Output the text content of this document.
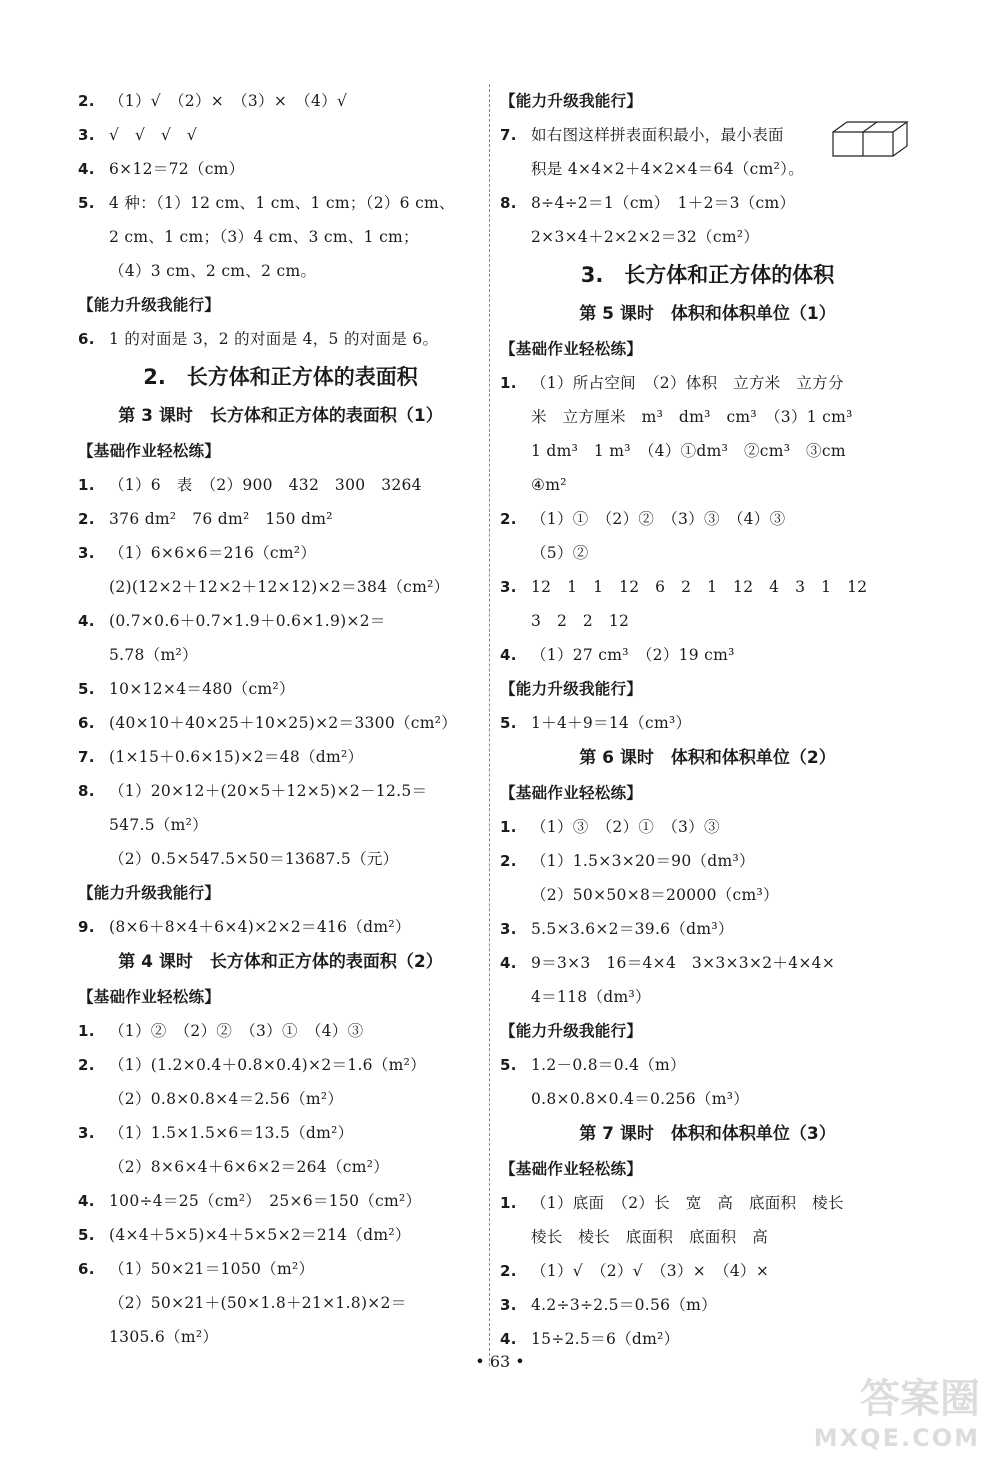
2. （1）√　（2）×　（3）×　（4）√
3. √　√　√　√
4. 6×12＝72（cm）
5. 4 种：（1）12 cm、1 cm、1 cm；（2）6 cm、
2 cm、1 cm；（3）4 cm、3 cm、1 cm；
（4）3 cm、2 cm、2 cm。
【能力升级我能行】
6. 1 的对面是 3，2 的对面是 4，5 的对面是 6。
2.　长方体和正方体的表面积
第 3 课时　长方体和正方体的表面积（1）
【基础作业轻松练】
1. （1）6　表　（2）900　432　300　3264
2. 376 dm²　76 dm²　150 dm²
3. （1）6×6×6＝216（cm²）
(2)(12×2＋12×2＋12×12)×2＝384（cm²）
4. (0.7×0.6＋0.7×1.9＋0.6×1.9)×2＝
5.78（m²）
5. 10×12×4＝480（cm²）
6. (40×10＋40×25＋10×25)×2＝3300（cm²）
7. (1×15＋0.6×15)×2＝48（dm²）
8. （1）20×12＋(20×5＋12×5)×2－12.5＝
547.5（m²）
（2）0.5×547.5×50＝13687.5（元）
【能力升级我能行】
9. (8×6＋8×4＋6×4)×2×2＝416（dm²）
第 4 课时　长方体和正方体的表面积（2）
【基础作业轻松练】
1. （1）②　（2）②　（3）①　（4）③
2. （1）(1.2×0.4＋0.8×0.4)×2＝1.6（m²）
（2）0.8×0.8×4＝2.56（m²）
3. （1）1.5×1.5×6＝13.5（dm²）
（2）8×6×4＋6×6×2＝264（cm²）
4. 100÷4＝25（cm²）　25×6＝150（cm²）
5. (4×4＋5×5)×4＋5×5×2＝214（dm²）
6. （1）50×21＝1050（m²）
（2）50×21＋(50×1.8＋21×1.8)×2＝
1305.6（m²）
【能力升级我能行】
7. 如右图这样拼表面积最小，最小表面
积是 4×4×2＋4×2×4＝64（cm²）。
8. 8÷4÷2＝1（cm）　1＋2＝3（cm）
2×3×4＋2×2×2＝32（cm²）
3.　长方体和正方体的体积
第 5 课时　体积和体积单位（1）
【基础作业轻松练】
1. （1）所占空间　（2）体积　立方米　立方分
米　立方厘米　m³　dm³　cm³　（3）1 cm³
1 dm³　1 m³　（4）①dm³　②cm³　③cm
④m²
2. （1）①　（2）②　（3）③　（4）③
（5）②
3. 12　1　1　12　6　2　1　12　4　3　1　12
3　2　2　12
4. （1）27 cm³　（2）19 cm³
【能力升级我能行】
5. 1＋4＋9＝14（cm³）
第 6 课时　体积和体积单位（2）
【基础作业轻松练】
1. （1）③　（2）①　（3）③
2. （1）1.5×3×20＝90（dm³）
（2）50×50×8＝20000（cm³）
3. 5.5×3.6×2＝39.6（dm³）
4. 9＝3×3　16＝4×4　3×3×3×2＋4×4×
4＝118（dm³）
【能力升级我能行】
5. 1.2－0.8＝0.4（m）
0.8×0.8×0.4＝0.256（m³）
第 7 课时　体积和体积单位（3）
【基础作业轻松练】
1. （1）底面　（2）长　宽　高　底面积　棱长
棱长　棱长　底面积　底面积　高
2. （1）√　（2）√　（3）×　（4）×
3. 4.2÷3÷2.5＝0.56（m）
4. 15÷2.5＝6（dm²）
• 63 •
答案圈
MXQE.COM
